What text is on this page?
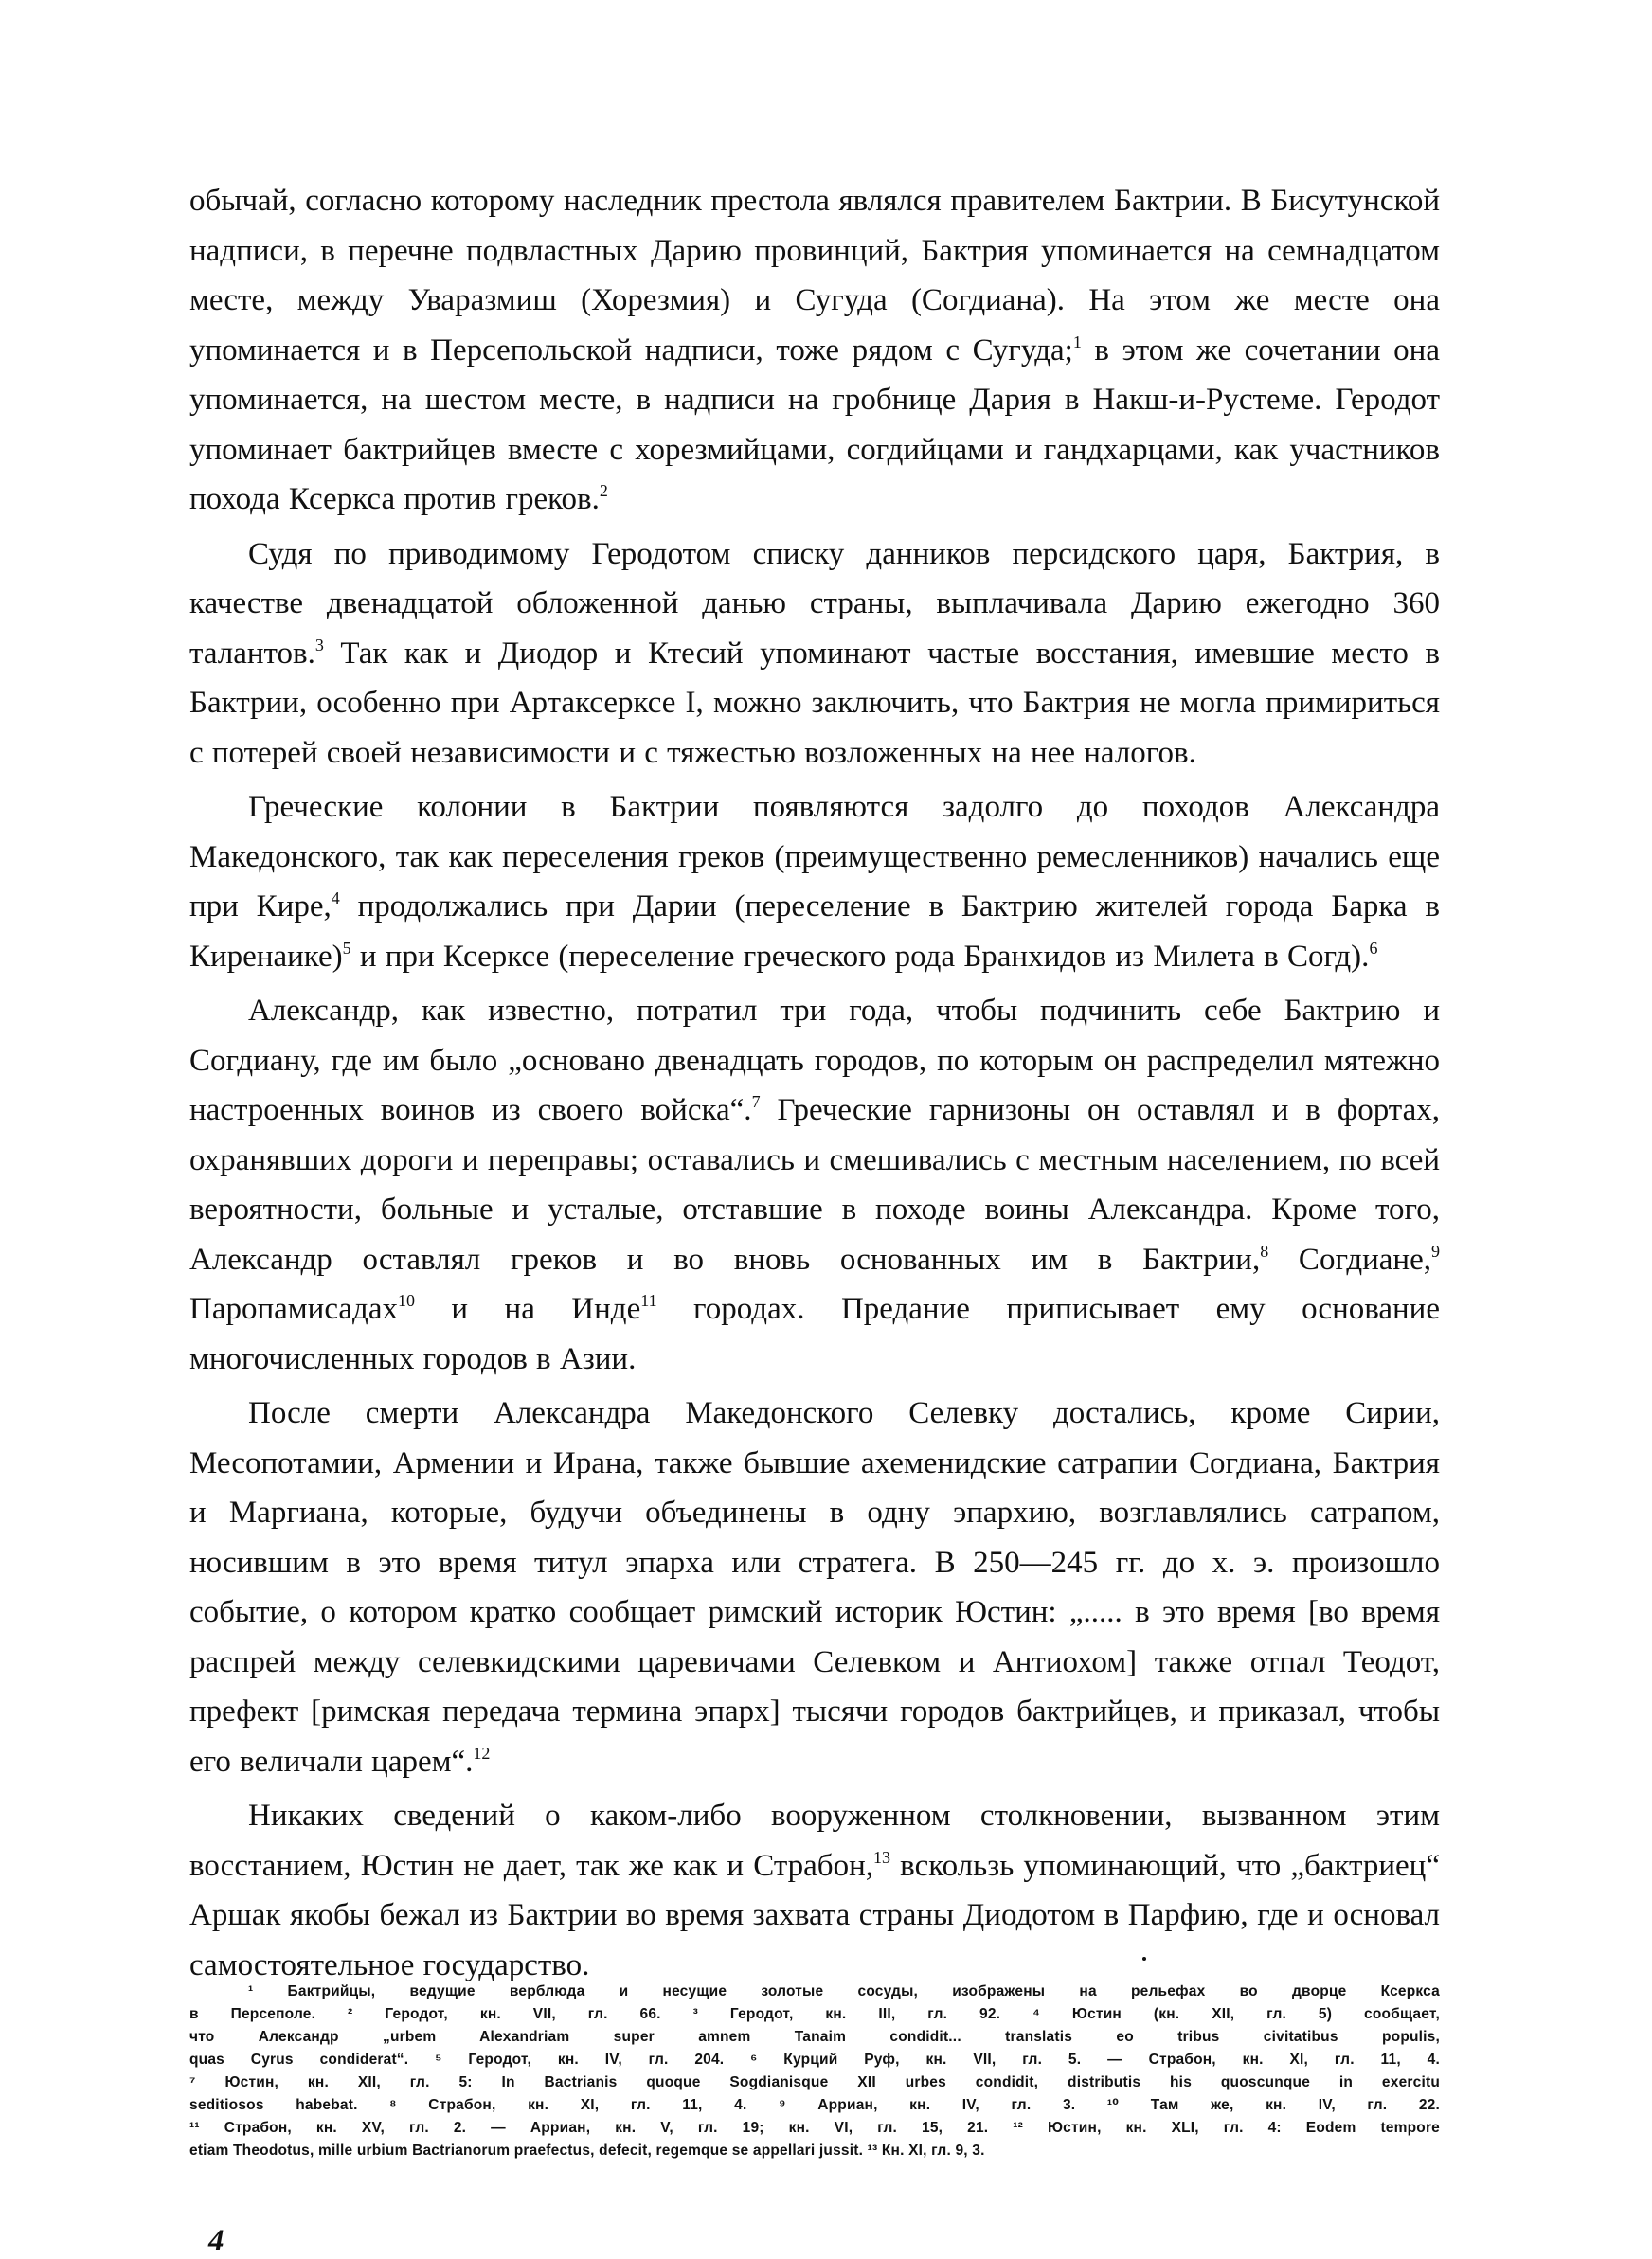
обычай, согласно которому наследник престола являлся правителем Бактрии. В Бисутунской надписи, в перечне подвластных Дарию провинций, Бактрия упоминается на семнадцатом месте, между Уваразмиш (Хорезмия) и Сугуда (Согдиана). На этом же месте она упоминается и в Персепольской надписи, тоже рядом с Сугуда;$^1$ в этом же сочетании она упоминается, на шестом месте, в надписи на гробнице Дария в Накш-и-Рустеме. Геродот упоминает бактрийцев вместе с хорезмийцами, согдийцами и гандхарцами, как участников похода Ксеркса против греков.$^2$

Судя по приводимому Геродотом списку данников персидского царя, Бактрия, в качестве двенадцатой обложенной данью страны, выплачивала Дарию ежегодно 360 талантов.$^3$ Так как и Диодор и Ктесий упоминают частые восстания, имевшие место в Бактрии, особенно при Артаксерксе I, можно заключить, что Бактрия не могла примириться с потерей своей независимости и с тяжестью возложенных на нее налогов.

Греческие колонии в Бактрии появляются задолго до походов Александра Македонского, так как переселения греков (преимущественно ремесленников) начались еще при Кире,$^4$ продолжались при Дарии (переселение в Бактрию жителей города Барка в Киренаике)$^5$ и при Ксерксе (переселение греческого рода Бранхидов из Милета в Согд).$^6$

Александр, как известно, потратил три года, чтобы подчинить себе Бактрию и Согдиану, где им было „основано двенадцать городов, по которым он распределил мятежно настроенных воинов из своего войска“.$^7$ Греческие гарнизоны он оставлял и в фортах, охранявших дороги и переправы; оставались и смешивались с местным населением, по всей вероятности, больные и усталые, отставшие в походе воины Александра. Кроме того, Александр оставлял греков и во вновь основанных им в Бактрии,$^8$ Согдиане,$^9$ Паропамисадах$^{10}$ и на Инде$^{11}$ городах. Предание приписывает ему основание многочисленных городов в Азии.

После смерти Александра Македонского Селевку достались, кроме Сирии, Месопотамии, Армении и Ирана, также бывшие ахеменидские сатрапии Согдиана, Бактрия и Маргиана, которые, будучи объединены в одну эпархию, возглавлялись сатрапом, носившим в это время титул эпарха или стратега. В 250—245 гг. до х. э. произошло событие, о котором кратко сообщает римский историк Юстин: „..... в это время [во время распрей между селевкидскими царевичами Селевком и Антиохом] также отпал Теодот, префект [римская передача термина эпарх] тысячи городов бактрийцев, и приказал, чтобы его величали царем“.$^{12}$

Никаких сведений о каком-либо вооруженном столкновении, вызванном этим восстанием, Юстин не дает, так же как и Страбон,$^{13}$ вскользь упоминающий, что „бактриец“ Аршак якобы бежал из Бактрии во время захвата страны Диодотом в Парфию, где и основал самостоятельное государство.

¹ Бактрийцы, ведущие верблюда и несущие золотые сосуды, изображены на рельефах во дворце Ксеркса

в Персеполе. ² Геродот, кн. VII, гл. 66. ³ Геродот, кн. III, гл. 92. ⁴ Юстин (кн. XII, гл. 5) сообщает,

что Александр „urbem Alexandriam super amnem Tanaim condidit... translatis eo tribus civitatibus populis,

quas Cyrus condiderat“. ⁵ Геродот, кн. IV, гл. 204. ⁶ Курций Руф, кн. VII, гл. 5. — Страбон, кн. XI, гл. 11, 4.

⁷ Юстин, кн. XII, гл. 5: In Bactrianis quoque Sogdianisque XII urbes condidit, distributis his quoscunque in exercitu

seditiosos habebat. ⁸ Страбон, кн. XI, гл. 11, 4. ⁹ Арриан, кн. IV, гл. 3. ¹⁰ Там же, кн. IV, гл. 22.

¹¹ Страбон, кн. XV, гл. 2. — Арриан, кн. V, гл. 19; кн. VI, гл. 15, 21. ¹² Юстин, кн. XLI, гл. 4: Eodem tempore

etiam Theodotus, mille urbium Bactrianorum praefectus, defecit, regemque se appellari jussit. ¹³ Кн. XI, гл. 9, 3.

4
